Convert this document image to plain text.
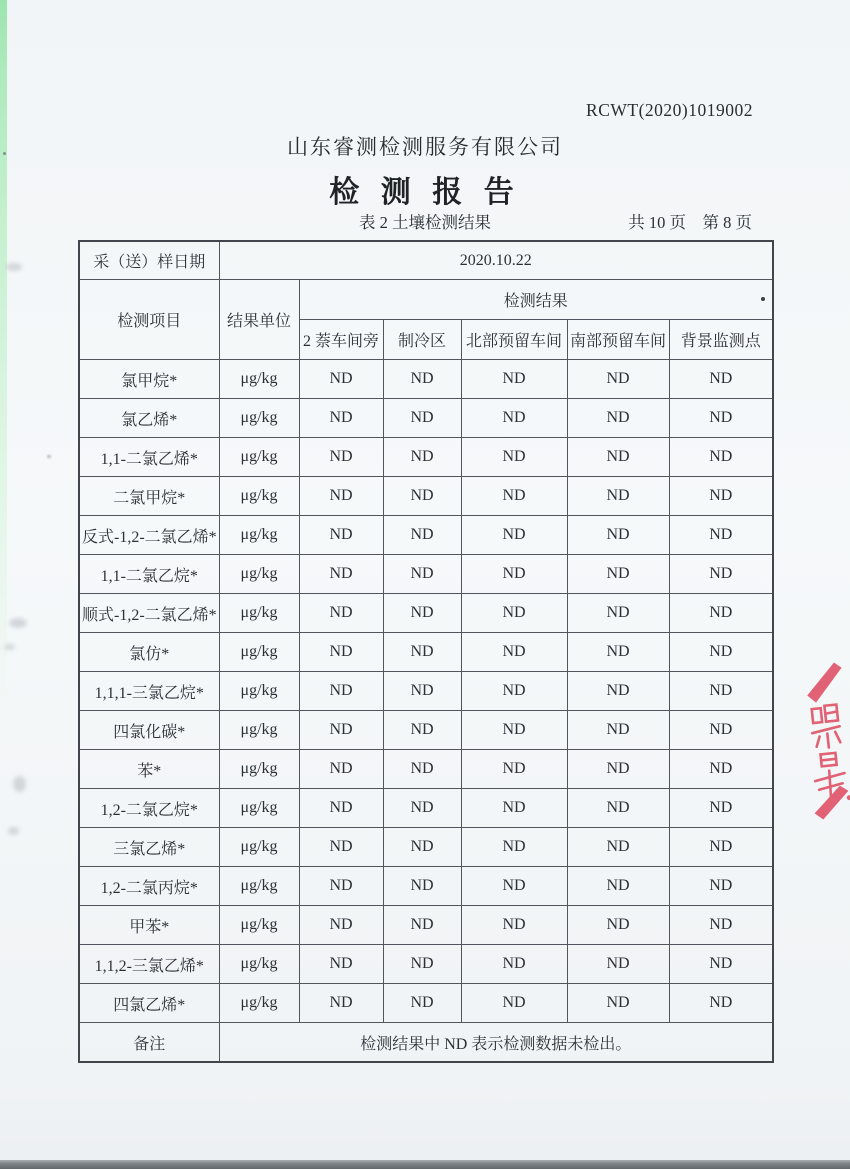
RCWT(2020)1019002
山东睿测检测服务有限公司
检 测 报 告
表 2 土壤检测结果	共 10 页　第 8 页
采（送）样日期	2020.10.22					
检测项目	结果单位	检测结果				
		2 萘车间旁	制冷区	北部预留车间	南部预留车间	背景监测点
氯甲烷*	μg/kg	ND	ND	ND	ND	ND
氯乙烯*	μg/kg	ND	ND	ND	ND	ND
1,1-二氯乙烯*	μg/kg	ND	ND	ND	ND	ND
二氯甲烷*	μg/kg	ND	ND	ND	ND	ND
反式-1,2-二氯乙烯*	μg/kg	ND	ND	ND	ND	ND
1,1-二氯乙烷*	μg/kg	ND	ND	ND	ND	ND
顺式-1,2-二氯乙烯*	μg/kg	ND	ND	ND	ND	ND
氯仿*	μg/kg	ND	ND	ND	ND	ND
1,1,1-三氯乙烷*	μg/kg	ND	ND	ND	ND	ND
四氯化碳*	μg/kg	ND	ND	ND	ND	ND
苯*	μg/kg	ND	ND	ND	ND	ND
1,2-二氯乙烷*	μg/kg	ND	ND	ND	ND	ND
三氯乙烯*	μg/kg	ND	ND	ND	ND	ND
1,2-二氯丙烷*	μg/kg	ND	ND	ND	ND	ND
甲苯*	μg/kg	ND	ND	ND	ND	ND
1,1,2-三氯乙烯*	μg/kg	ND	ND	ND	ND	ND
四氯乙烯*	μg/kg	ND	ND	ND	ND	ND
备注	检测结果中 ND 表示检测数据未检出。					
